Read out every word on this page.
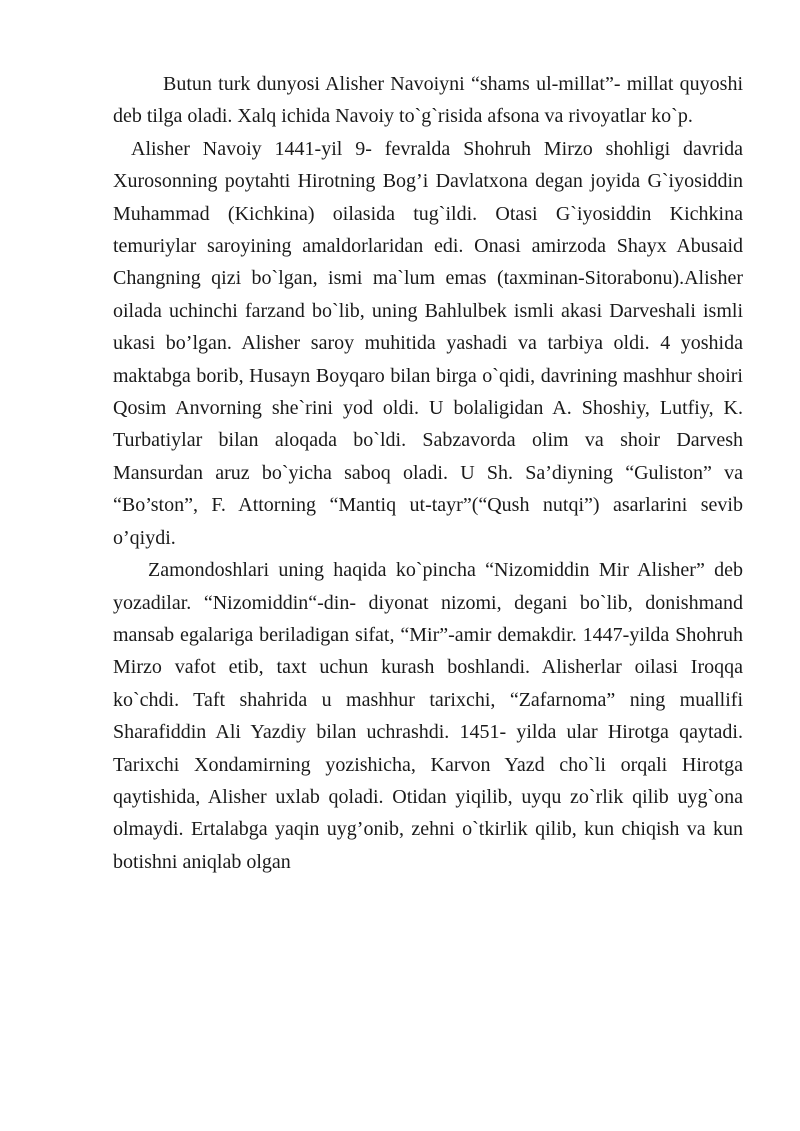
Butun turk dunyosi Alisher Navoiyni “shams ul-millat”- millat quyoshi deb tilga oladi. Xalq ichida Navoiy to`g`risida afsona va rivoyatlar ko`p.

Alisher Navoiy 1441-yil 9- fevralda Shohruh Mirzo shohligi davrida Xurosonning poytahti Hirotning Bog’i Davlatxona degan joyida G`iyosiddin Muhammad (Kichkina) oilasida tug`ildi. Otasi G`iyosiddin Kichkina temuriylar saroyining amaldorlaridan edi. Onasi amirzoda Shayx Abusaid Changning qizi bo`lgan, ismi ma`lum emas (taxminan-Sitorabonu).Alisher oilada uchinchi farzand bo`lib, uning Bahlulbek ismli akasi Darveshali ismli ukasi bo’lgan. Alisher saroy muhitida yashadi va tarbiya oldi. 4 yoshida maktabga borib, Husayn Boyqaro bilan birga o`qidi, davrining mashhur shoiri Qosim Anvorning she`rini yod oldi. U bolaligidan A. Shoshiy, Lutfiy, K. Turbatiylar bilan aloqada bo`ldi. Sabzavorda olim va shoir Darvesh Mansurdan aruz bo`yicha saboq oladi. U Sh. Sa’diyning “Guliston” va “Bo’ston”, F. Attorning “Mantiq ut-tayr”(“Qush nutqi”) asarlarini sevib o’qiydi.

Zamondoshlari uning haqida ko`pincha “Nizomiddin Mir Alisher” deb yozadilar. “Nizomiddin“-din- diyonat nizomi, degani bo`lib, donishmand mansab egalariga beriladigan sifat, “Mir”-amir demakdir. 1447-yilda Shohruh Mirzo vafot etib, taxt uchun kurash boshlandi. Alisherlar oilasi Iroqqa ko`chdi. Taft shahrida u mashhur tarixchi, “Zafarnoma” ning muallifi Sharafiddin Ali Yazdiy bilan uchrashdi. 1451- yilda ular Hirotga qaytadi. Tarixchi Xondamirning yozishicha, Karvon Yazd cho`li orqali Hirotga qaytishida, Alisher uxlab qoladi. Otidan yiqilib, uyqu zo`rlik qilib uyg`ona olmaydi. Ertalabga yaqin uyg’onib, zehni o`tkirlik qilib, kun chiqish va kun botishni aniqlab olgan
